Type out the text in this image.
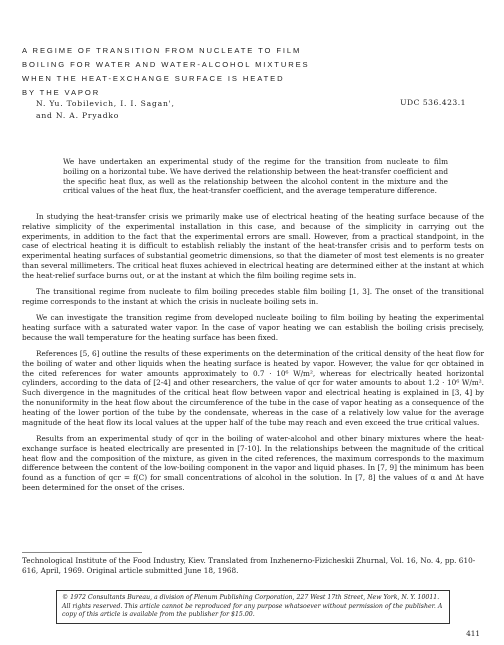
A REGIME OF TRANSITION FROM NUCLEATE TO FILM
BOILING FOR WATER AND WATER-ALCOHOL MIXTURES
WHEN THE HEAT-EXCHANGE SURFACE IS HEATED
BY THE VAPOR
N. Yu. Tobilevich, I. I. Sagan',
and N. A. Pryadko
UDC 536.423.1
We have undertaken an experimental study of the regime for the transition from nucleate to film boiling on a horizontal tube. We have derived the relationship between the heat-transfer coefficient and the specific heat flux, as well as the relationship between the alcohol content in the mixture and the critical values of the heat flux, the heat-transfer coefficient, and the average temperature difference.

In studying the heat-transfer crisis we primarily make use of electrical heating of the heating surface because of the relative simplicity of the experimental installation in this case, and because of the simplicity in carrying out the experiments, in addition to the fact that the experimental errors are small. However, from a practical standpoint, in the case of electrical heating it is difficult to establish reliably the instant of the heat-transfer crisis and to perform tests on experimental heating surfaces of substantial geometric dimensions, so that the diameter of most test elements is no greater than several millimeters. The critical heat fluxes achieved in electrical heating are determined either at the instant at which the heat-relief surface burns out, or at the instant at which the film boiling regime sets in.

The transitional regime from nucleate to film boiling precedes stable film boiling [1, 3]. The onset of the transitional regime corresponds to the instant at which the crisis in nucleate boiling sets in.

We can investigate the transition regime from developed nucleate boiling to film boiling by heating the experimental heating surface with a saturated water vapor. In the case of vapor heating we can establish the boiling crisis precisely, because the wall temperature for the heating surface has been fixed.

References [5, 6] outline the results of these experiments on the determination of the critical density of the heat flow for the boiling of water and other liquids when the heating surface is heated by vapor. However, the value for qcr obtained in the cited references for water amounts approximately to 0.7 · 10⁶ W/m², whereas for electrically heated horizontal cylinders, according to the data of [2-4] and other researchers, the value of qcr for water amounts to about 1.2 · 10⁶ W/m². Such divergence in the magnitudes of the critical heat flow between vapor and electrical heating is explained in [3, 4] by the nonuniformity in the heat flow about the circumference of the tube in the case of vapor heating as a consequence of the heating of the lower portion of the tube by the condensate, whereas in the case of a relatively low value for the average magnitude of the heat flow its local values at the upper half of the tube may reach and even exceed the true critical values.

Results from an experimental study of qcr in the boiling of water-alcohol and other binary mixtures where the heat-exchange surface is heated electrically are presented in [7-10]. In the relationships between the magnitude of the critical heat flow and the composition of the mixture, as given in the cited references, the maximum corresponds to the maximum difference between the content of the low-boiling component in the vapor and liquid phases. In [7, 9] the minimum has been found as a function of qcr = f(C) for small concentrations of alcohol in the solution. In [7, 8] the values of α and Δt have been determined for the onset of the crises.

Technological Institute of the Food Industry, Kiev. Translated from Inzhenerno-Fizicheskii Zhurnal, Vol. 16, No. 4, pp. 610-616, April, 1969. Original article submitted June 18, 1968.
© 1972 Consultants Bureau, a division of Plenum Publishing Corporation, 227 West 17th Street, New York, N. Y. 10011. All rights reserved. This article cannot be reproduced for any purpose whatsoever without permission of the publisher. A copy of this article is available from the publisher for $15.00.
411
